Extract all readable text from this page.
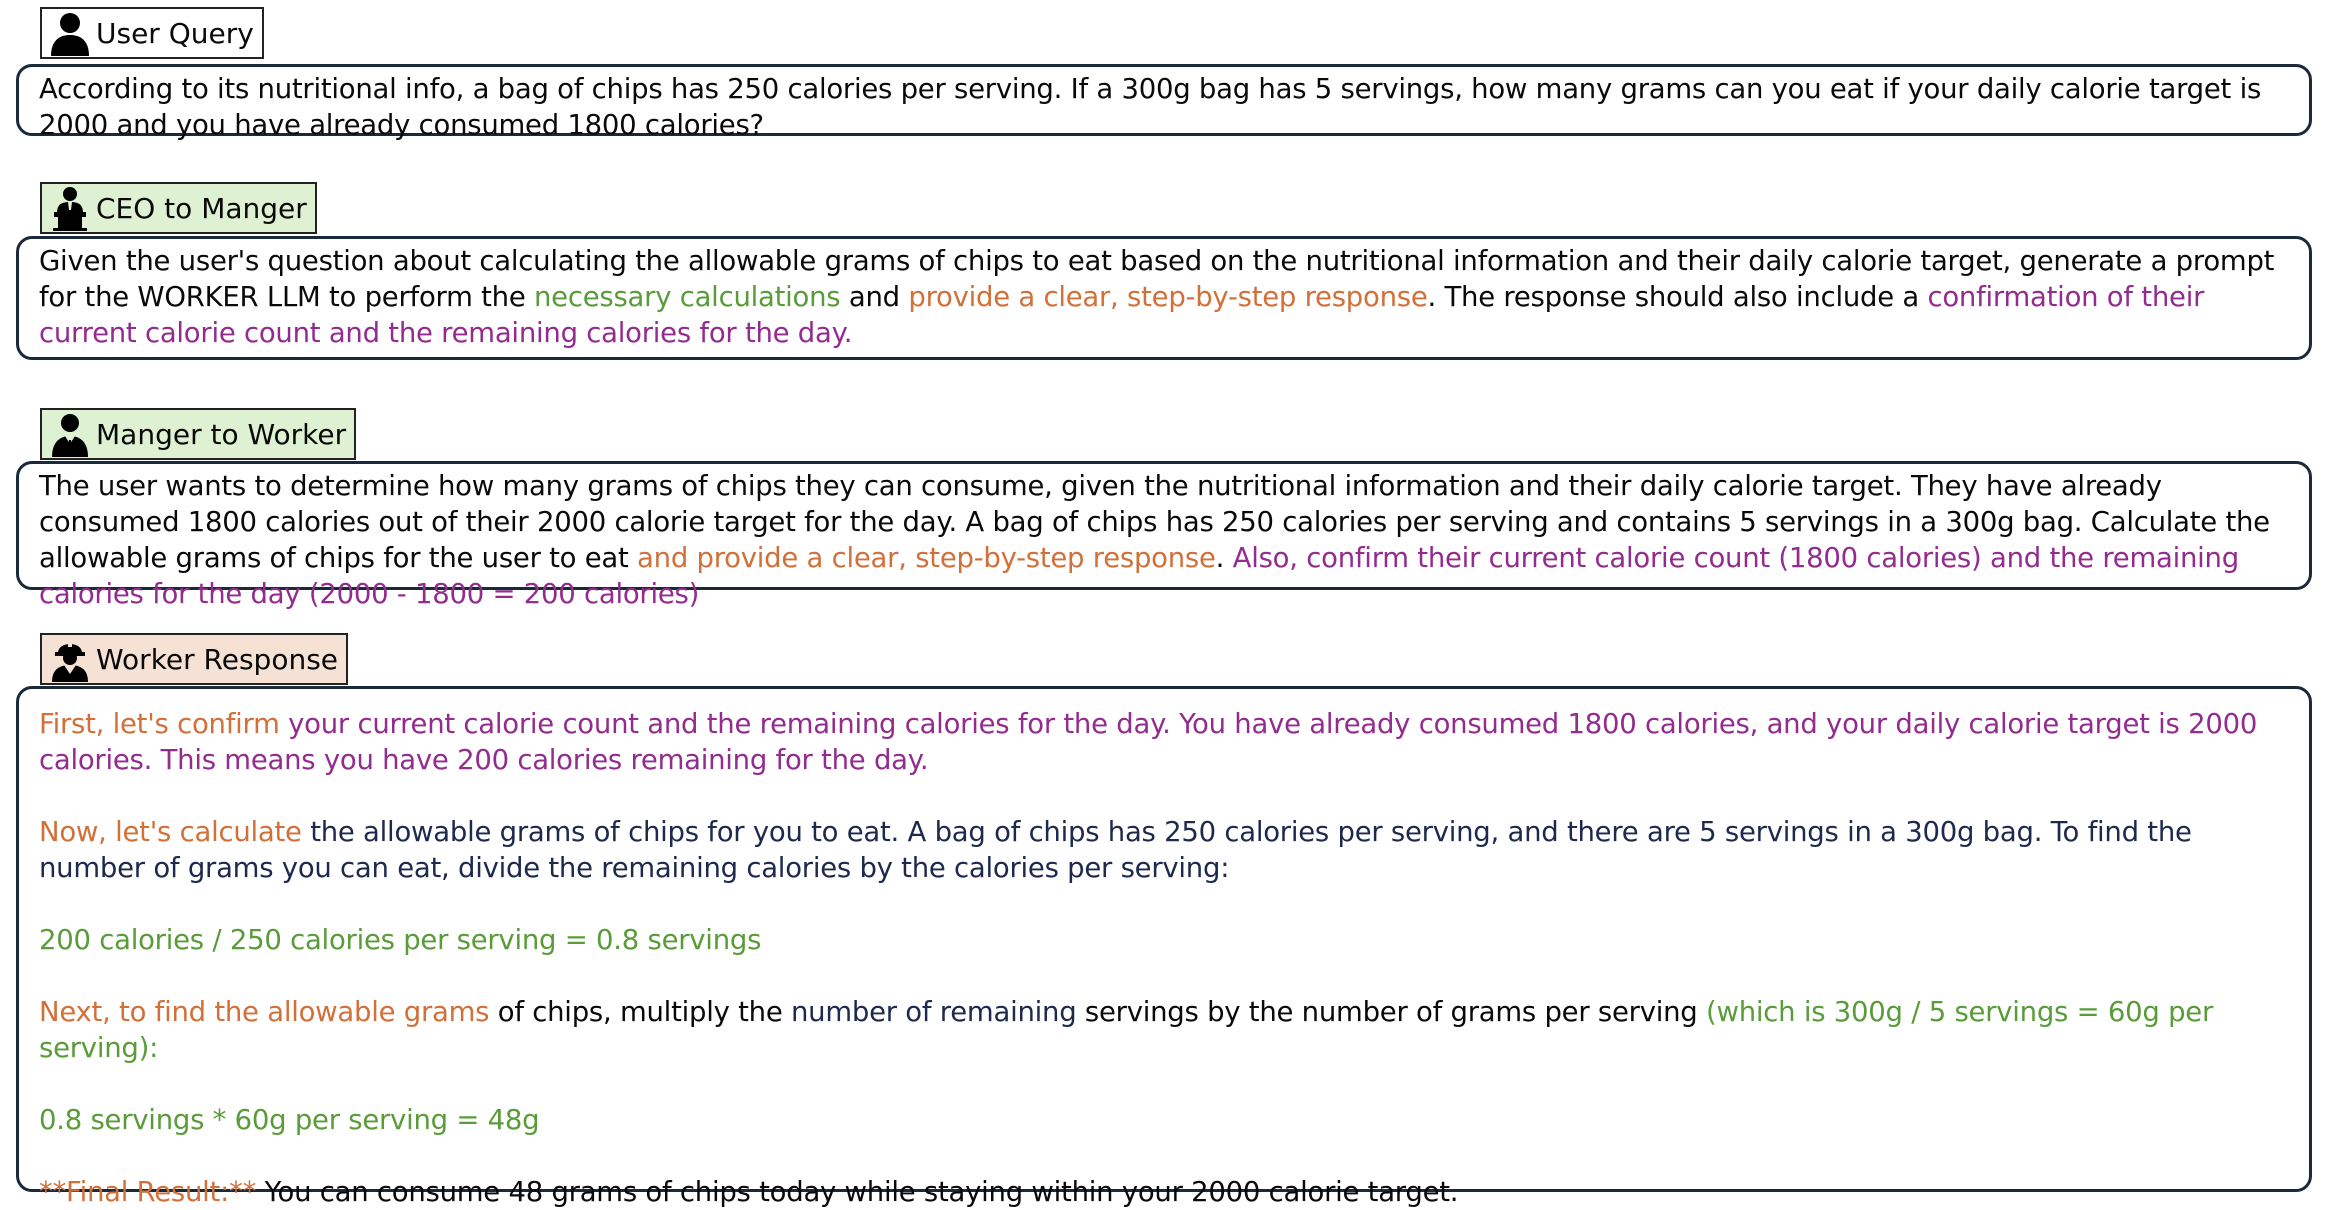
User Query

According to its nutritional info, a bag of chips has 250 calories per serving. If a 300g bag has 5 servings, how many grams can you eat if your daily calorie target is 2000 and you have already consumed 1800 calories?

CEO to Manger

Given the user's question about calculating the allowable grams of chips to eat based on the nutritional information and their daily calorie target, generate a prompt for the WORKER LLM to perform the necessary calculations and provide a clear, step-by-step response. The response should also include a confirmation of their current calorie count and the remaining calories for the day.

Manger to Worker

The user wants to determine how many grams of chips they can consume, given the nutritional information and their daily calorie target. They have already consumed 1800 calories out of their 2000 calorie target for the day. A bag of chips has 250 calories per serving and contains 5 servings in a 300g bag. Calculate the allowable grams of chips for the user to eat and provide a clear, step-by-step response. Also, confirm their current calorie count (1800 calories) and the remaining calories for the day (2000 - 1800 = 200 calories)

Worker Response

First, let's confirm your current calorie count and the remaining calories for the day. You have already consumed 1800 calories, and your daily calorie target is 2000 calories. This means you have 200 calories remaining for the day.

Now, let's calculate the allowable grams of chips for you to eat. A bag of chips has 250 calories per serving, and there are 5 servings in a 300g bag. To find the number of grams you can eat, divide the remaining calories by the calories per serving:

200 calories / 250 calories per serving = 0.8 servings

Next, to find the allowable grams of chips, multiply the number of remaining servings by the number of grams per serving (which is 300g / 5 servings = 60g per serving):

0.8 servings * 60g per serving = 48g

**Final Result:** You can consume 48 grams of chips today while staying within your 2000 calorie target.
